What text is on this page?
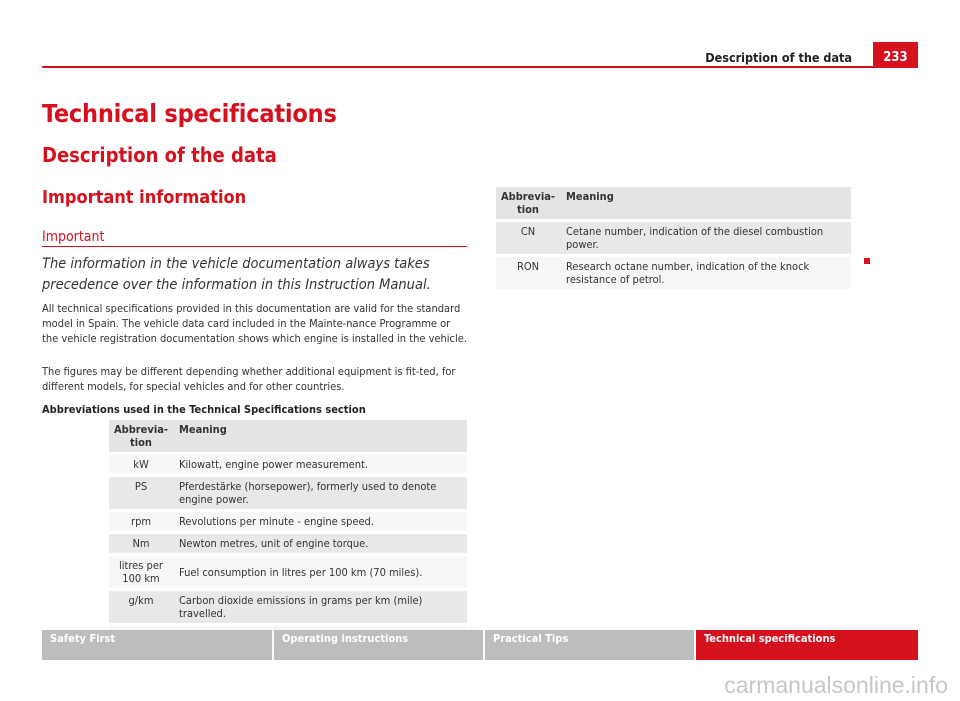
Description of the data	233
Technical specifications
Description of the data
Important information
Important
The information in the vehicle documentation always takes precedence over the information in this Instruction Manual.
All technical specifications provided in this documentation are valid for the standard model in Spain. The vehicle data card included in the Mainte-nance Programme or the vehicle registration documentation shows which engine is installed in the vehicle.
The figures may be different depending whether additional equipment is fit-ted, for different models, for special vehicles and for other countries.
Abbreviations used in the Technical Specifications section
Abbrevia-
tion	Meaning
kW	Kilowatt, engine power measurement.
PS	Pferdestärke (horsepower), formerly used to denote engine power.
rpm	Revolutions per minute - engine speed.
Nm	Newton metres, unit of engine torque.
litres per 100 km	Fuel consumption in litres per 100 km (70 miles).
g/km	Carbon dioxide emissions in grams per km (mile) travelled.

Abbrevia-
tion	Meaning
CN	Cetane number, indication of the diesel combustion power.
RON	Research octane number, indication of the knock resistance of petrol.
Safety First	Operating instructions	Practical Tips	Technical specifications
carmanualsonline.info
